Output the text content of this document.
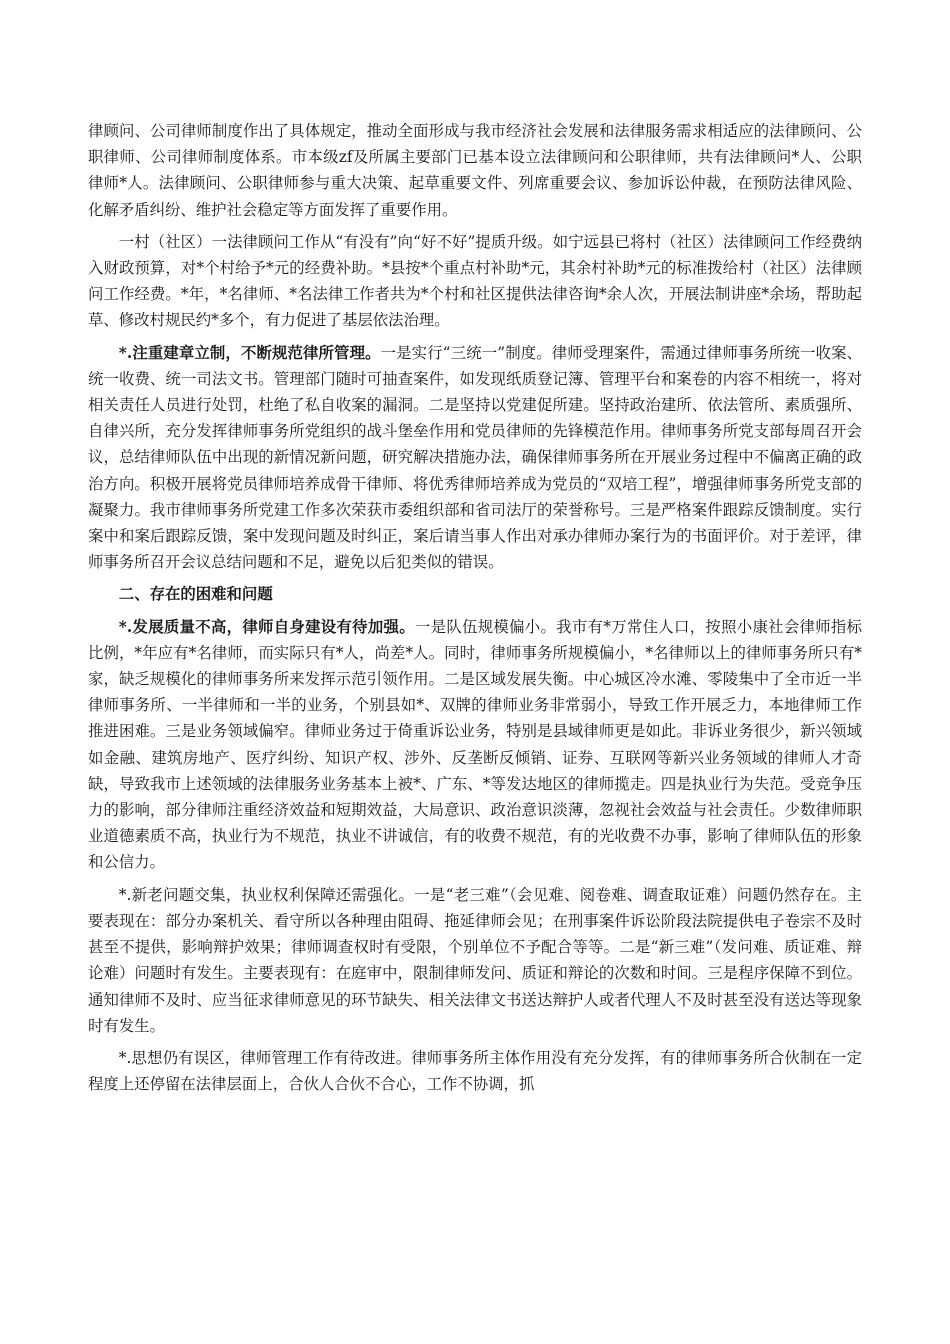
律顾问、公司律师制度作出了具体规定，推动全面形成与我市经济社会发展和法律服务需求相适应的法律顾问、公职律师、公司律师制度体系。市本级zf及所属主要部门已基本设立法律顾问和公职律师，共有法律顾问*人、公职律师*人。法律顾问、公职律师参与重大决策、起草重要文件、列席重要会议、参加诉讼仲裁，在预防法律风险、化解矛盾纠纷、维护社会稳定等方面发挥了重要作用。

一村（社区）一法律顾问工作从“有没有”向“好不好”提质升级。如宁远县已将村（社区）法律顾问工作经费纳入财政预算，对*个村给予*元的经费补助。*县按*个重点村补助*元，其余村补助*元的标准拨给村（社区）法律顾问工作经费。*年，*名律师、*名法律工作者共为*个村和社区提供法律咨询*余人次，开展法制讲座*余场，帮助起草、修改村规民约*多个，有力促进了基层依法治理。

*.注重建章立制，不断规范律所管理。一是实行“三统一”制度。律师受理案件，需通过律师事务所统一收案、统一收费、统一司法文书。管理部门随时可抽查案件，如发现纸质登记簿、管理平台和案卷的内容不相统一，将对相关责任人员进行处罚，杜绝了私自收案的漏洞。二是坚持以党建促所建。坚持政治建所、依法管所、素质强所、自律兴所，充分发挥律师事务所党组织的战斗堡垒作用和党员律师的先锋模范作用。律师事务所党支部每周召开会议，总结律师队伍中出现的新情况新问题，研究解决措施办法，确保律师事务所在开展业务过程中不偏离正确的政治方向。积极开展将党员律师培养成骨干律师、将优秀律师培养成为党员的“双培工程”，增强律师事务所党支部的凝聚力。我市律师事务所党建工作多次荣获市委组织部和省司法厅的荣誉称号。三是严格案件跟踪反馈制度。实行案中和案后跟踪反馈，案中发现问题及时纠正，案后请当事人作出对承办律师办案行为的书面评价。对于差评，律师事务所召开会议总结问题和不足，避免以后犯类似的错误。

二、存在的困难和问题

*.发展质量不高，律师自身建设有待加强。一是队伍规模偏小。我市有*万常住人口，按照小康社会律师指标比例，*年应有*名律师，而实际只有*人，尚差*人。同时，律师事务所规模偏小，*名律师以上的律师事务所只有*家，缺乏规模化的律师事务所来发挥示范引领作用。二是区域发展失衡。中心城区冷水滩、零陵集中了全市近一半律师事务所、一半律师和一半的业务，个别县如*、双牌的律师业务非常弱小，导致工作开展乏力，本地律师工作推进困难。三是业务领域偏窄。律师业务过于倚重诉讼业务，特别是县域律师更是如此。非诉业务很少，新兴领域如金融、建筑房地产、医疗纠纷、知识产权、涉外、反垄断反倾销、证券、互联网等新兴业务领域的律师人才奇缺，导致我市上述领域的法律服务业务基本上被*、广东、*等发达地区的律师揽走。四是执业行为失范。受竞争压力的影响，部分律师注重经济效益和短期效益，大局意识、政治意识淡薄，忽视社会效益与社会责任。少数律师职业道德素质不高，执业行为不规范，执业不讲诚信，有的收费不规范，有的光收费不办事，影响了律师队伍的形象和公信力。

*.新老问题交集，执业权利保障还需强化。一是“老三难”（会见难、阅卷难、调查取证难）问题仍然存在。主要表现在：部分办案机关、看守所以各种理由阻碍、拖延律师会见；在刑事案件诉讼阶段法院提供电子卷宗不及时甚至不提供，影响辩护效果；律师调查权时有受限，个别单位不予配合等等。二是“新三难”（发问难、质证难、辩论难）问题时有发生。主要表现有：在庭审中，限制律师发问、质证和辩论的次数和时间。三是程序保障不到位。通知律师不及时、应当征求律师意见的环节缺失、相关法律文书送达辩护人或者代理人不及时甚至没有送达等现象时有发生。

*.思想仍有误区，律师管理工作有待改进。律师事务所主体作用没有充分发挥，有的律师事务所合伙制在一定程度上还停留在法律层面上，合伙人合伙不合心，工作不协调，抓
